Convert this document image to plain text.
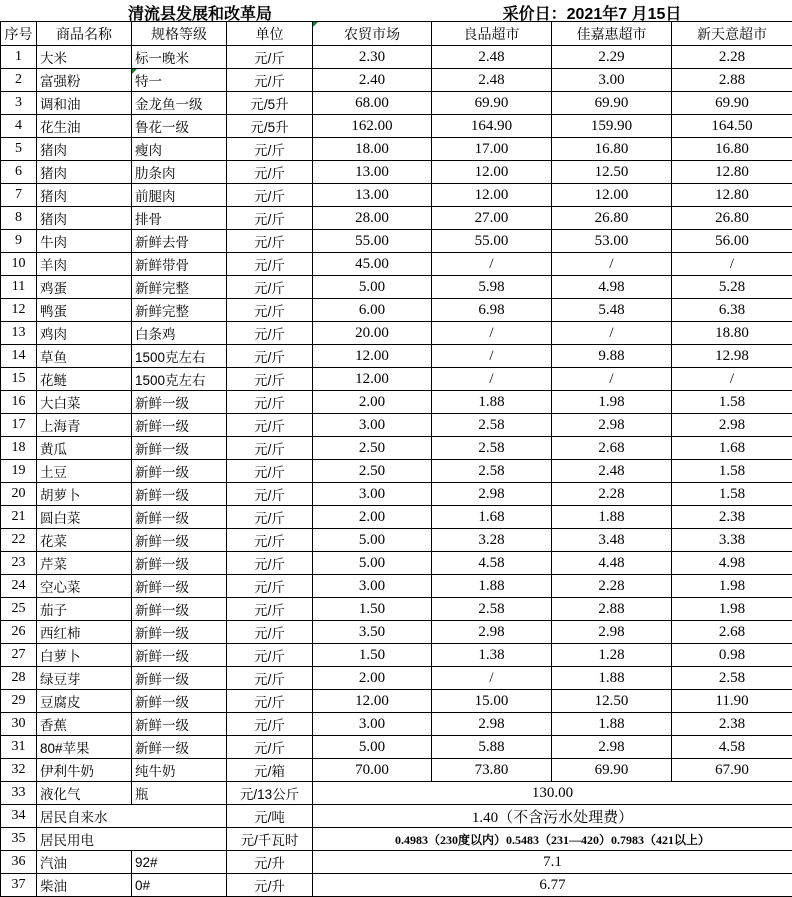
清流县发展和改革局	采价日：2021年7 月15日
序号	商品名称	规格等级	单位	农贸市场	良品超市	佳嘉惠超市	新天意超市
1	大米	标一晚米	元/斤	2.30	2.48	2.29	2.28
2	富强粉	特一	元/斤	2.40	2.48	3.00	2.88
3	调和油	金龙鱼一级	元/5升	68.00	69.90	69.90	69.90
4	花生油	鲁花一级	元/5升	162.00	164.90	159.90	164.50
5	猪肉	瘦肉	元/斤	18.00	17.00	16.80	16.80
6	猪肉	肋条肉	元/斤	13.00	12.00	12.50	12.80
7	猪肉	前腿肉	元/斤	13.00	12.00	12.00	12.80
8	猪肉	排骨	元/斤	28.00	27.00	26.80	26.80
9	牛肉	新鲜去骨	元/斤	55.00	55.00	53.00	56.00
10	羊肉	新鲜带骨	元/斤	45.00	/	/	/
11	鸡蛋	新鲜完整	元/斤	5.00	5.98	4.98	5.28
12	鸭蛋	新鲜完整	元/斤	6.00	6.98	5.48	6.38
13	鸡肉	白条鸡	元/斤	20.00	/	/	18.80
14	草鱼	1500克左右	元/斤	12.00	/	9.88	12.98
15	花鲢	1500克左右	元/斤	12.00	/	/	/
16	大白菜	新鲜一级	元/斤	2.00	1.88	1.98	1.58
17	上海青	新鲜一级	元/斤	3.00	2.58	2.98	2.98
18	黄瓜	新鲜一级	元/斤	2.50	2.58	2.68	1.68
19	土豆	新鲜一级	元/斤	2.50	2.58	2.48	1.58
20	胡萝卜	新鲜一级	元/斤	3.00	2.98	2.28	1.58
21	圆白菜	新鲜一级	元/斤	2.00	1.68	1.88	2.38
22	花菜	新鲜一级	元/斤	5.00	3.28	3.48	3.38
23	芹菜	新鲜一级	元/斤	5.00	4.58	4.48	4.98
24	空心菜	新鲜一级	元/斤	3.00	1.88	2.28	1.98
25	茄子	新鲜一级	元/斤	1.50	2.58	2.88	1.98
26	西红柿	新鲜一级	元/斤	3.50	2.98	2.98	2.68
27	白萝卜	新鲜一级	元/斤	1.50	1.38	1.28	0.98
28	绿豆芽	新鲜一级	元/斤	2.00	/	1.88	2.58
29	豆腐皮	新鲜一级	元/斤	12.00	15.00	12.50	11.90
30	香蕉	新鲜一级	元/斤	3.00	2.98	1.88	2.38
31	80#苹果	新鲜一级	元/斤	5.00	5.88	2.98	4.58
32	伊利牛奶	纯牛奶	元/箱	70.00	73.80	69.90	67.90
33	液化气	瓶	元/13公斤	130.00			
34	居民自来水		元/吨	1.40（不含污水处理费）			
35	居民用电		元/千瓦时	0.4983（230度以内）0.5483（231—420）0.7983（421以上）			
36	汽油	92#	元/升	7.1			
37	柴油	0#	元/升	6.77			
